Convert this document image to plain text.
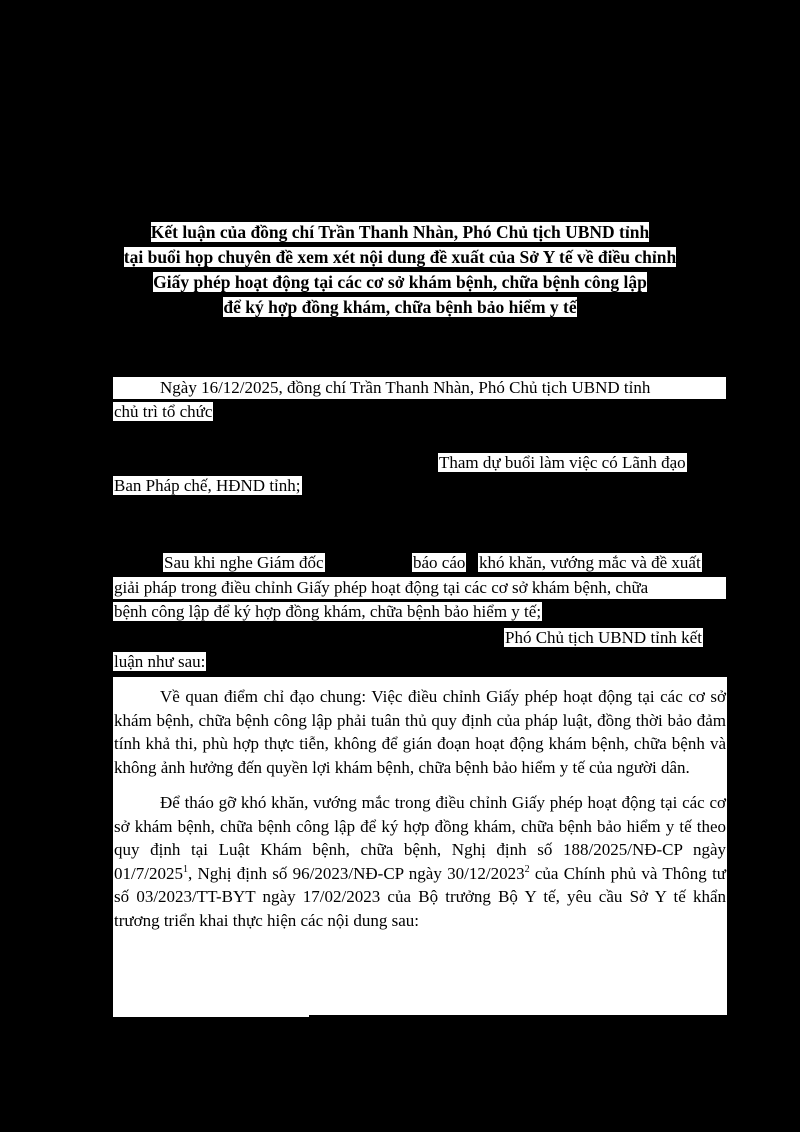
Kết luận của đồng chí Trần Thanh Nhàn, Phó Chủ tịch UBND tỉnh
tại buổi họp chuyên đề xem xét nội dung đề xuất của Sở Y tế về điều chỉnh
Giấy phép hoạt động tại các cơ sở khám bệnh, chữa bệnh công lập
để ký hợp đồng khám, chữa bệnh bảo hiểm y tế
Ngày 16/12/2025, đồng chí Trần Thanh Nhàn, Phó Chủ tịch UBND tỉnh
chủ trì tổ chức
Tham dự buổi làm việc có Lãnh đạo
Ban Pháp chế, HĐND tỉnh;
Sau khi nghe Giám đốc	báo cáo khó khăn, vướng mắc và đề xuất
giải pháp trong điều chỉnh Giấy phép hoạt động tại các cơ sở khám bệnh, chữa
bệnh công lập để ký hợp đồng khám, chữa bệnh bảo hiểm y tế;
Phó Chủ tịch UBND tỉnh kết
luận như sau:

Về quan điểm chỉ đạo chung: Việc điều chỉnh Giấy phép hoạt động tại các cơ sở khám bệnh, chữa bệnh công lập phải tuân thủ quy định của pháp luật, đồng thời bảo đảm tính khả thi, phù hợp thực tiễn, không để gián đoạn hoạt động khám bệnh, chữa bệnh và không ảnh hưởng đến quyền lợi khám bệnh, chữa bệnh bảo hiểm y tế của người dân.

Để tháo gỡ khó khăn, vướng mắc trong điều chỉnh Giấy phép hoạt động tại các cơ sở khám bệnh, chữa bệnh công lập để ký hợp đồng khám, chữa bệnh bảo hiểm y tế theo quy định tại Luật Khám bệnh, chữa bệnh, Nghị định số 188/2025/NĐ-CP ngày 01/7/2025$^1$, Nghị định số 96/2023/NĐ-CP ngày 30/12/2023$^2$ của Chính phủ và Thông tư số 03/2023/TT-BYT ngày 17/02/2023 của Bộ trưởng Bộ Y tế, yêu cầu Sở Y tế khẩn trương triển khai thực hiện các nội dung sau:
